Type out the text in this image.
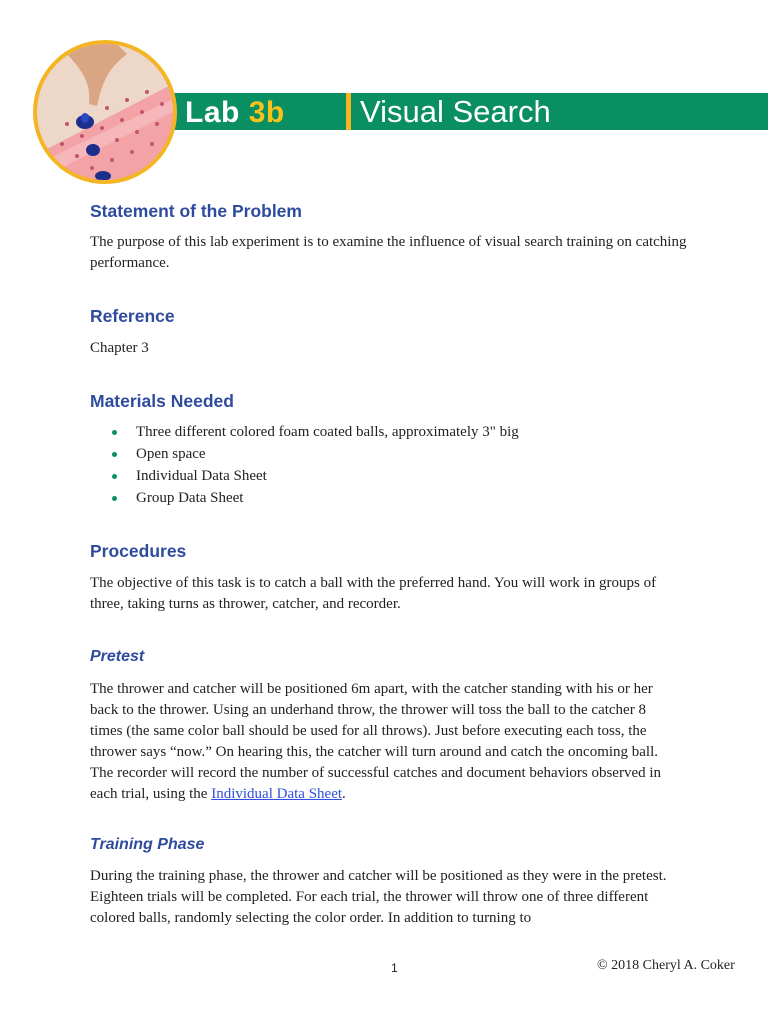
Lab 3b Visual Search
Statement of the Problem

The purpose of this lab experiment is to examine the influence of visual search training on catching performance.

Reference

Chapter 3

Materials Needed
Three different colored foam coated balls, approximately 3" big
Open space
Individual Data Sheet
Group Data Sheet
Procedures

The objective of this task is to catch a ball with the preferred hand. You will work in groups of three, taking turns as thrower, catcher, and recorder.

Pretest

The thrower and catcher will be positioned 6m apart, with the catcher standing with his or her back to the thrower. Using an underhand throw, the thrower will toss the ball to the catcher 8 times (the same color ball should be used for all throws). Just before executing each toss, the thrower says “now.” On hearing this, the catcher will turn around and catch the oncoming ball. The recorder will record the number of successful catches and document behaviors observed in each trial, using the Individual Data Sheet.

Training Phase

During the training phase, the thrower and catcher will be positioned as they were in the pretest. Eighteen trials will be completed. For each trial, the thrower will throw one of three different colored balls, randomly selecting the color order. In addition to turning to

1	© 2018 Cheryl A. Coker
